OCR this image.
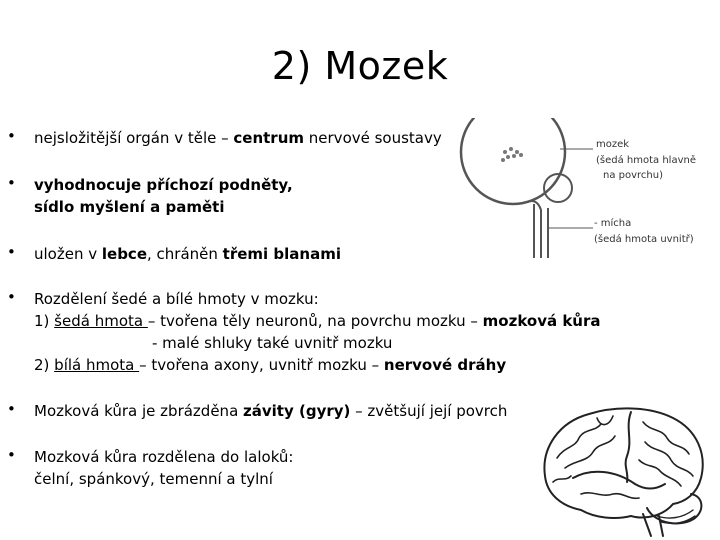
2) Mozek
• nejsložitější orgán v těle – centrum nervové soustavy
• vyhodnocuje příchozí podněty,
sídlo myšlení a paměti
• uložen v lebce, chráněn třemi blanami
• Rozdělení šedé a bílé hmoty v mozku:
1) šedá hmota – tvořena těly neuronů, na povrchu mozku – mozková kůra
- malé shluky také uvnitř mozku
2) bílá hmota – tvořena axony, uvnitř mozku – nervové dráhy
• Mozková kůra je zbrázděna závity (gyry) – zvětšují její povrch
• Mozková kůra rozdělena do laloků:
čelní, spánkový, temenní a tylní
mozek
(šedá hmota hlavně
na povrchu)
- mícha
(šedá hmota uvnitř)
